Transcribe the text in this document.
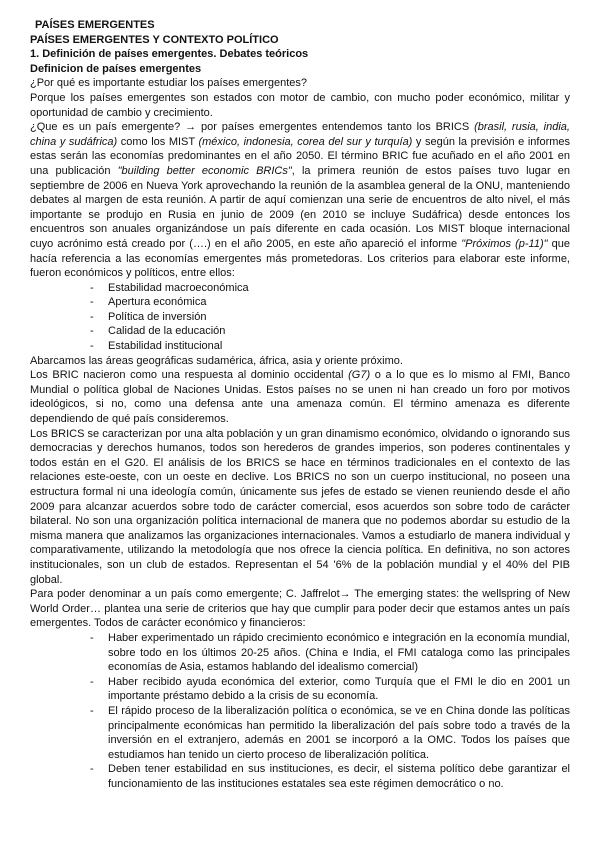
PAÍSES EMERGENTES
PAÍSES EMERGENTES Y CONTEXTO POLÍTICO
1. Definición de países emergentes. Debates teóricos
Definicion de países emergentes

¿Por qué es importante estudiar los países emergentes?

Porque los países emergentes son estados con motor de cambio, con mucho poder económico, militar y oportunidad de cambio y crecimiento.

¿Que es un país emergente? → por países emergentes entendemos tanto los BRICS (brasil, rusia, india, china y sudáfrica) como los MIST (méxico, indonesia, corea del sur y turquía) y según la previsión e informes estas serán las economías predominantes en el año 2050. El término BRIC fue acuñado en el año 2001 en una publicación "building better economic BRICs", la primera reunión de estos países tuvo lugar en septiembre de 2006 en Nueva York aprovechando la reunión de la asamblea general de la ONU, manteniendo debates al margen de esta reunión. A partir de aquí comienzan una serie de encuentros de alto nivel, el más importante se produjo en Rusia en junio de 2009 (en 2010 se incluye Sudáfrica) desde entonces los encuentros son anuales organizándose un país diferente en cada ocasión. Los MIST bloque internacional cuyo acrónimo está creado por (….) en el año 2005, en este año apareció el informe "Próximos (p-11)" que hacía referencia a las economías emergentes más prometedoras. Los criterios para elaborar este informe, fueron económicos y políticos, entre ellos:

- Estabilidad macroeconómica
- Apertura económica
- Política de inversión
- Calidad de la educación
- Estabilidad institucional

Abarcamos las áreas geográficas sudamérica, áfrica, asia y oriente próximo.

Los BRIC nacieron como una respuesta al dominio occidental (G7) o a lo que es lo mismo al FMI, Banco Mundial o política global de Naciones Unidas. Estos países no se unen ni han creado un foro por motivos ideológicos, si no, como una defensa ante una amenaza común. El término amenaza es diferente dependiendo de qué país consideremos.

Los BRICS se caracterizan por una alta población y un gran dinamismo económico, olvidando o ignorando sus democracias y derechos humanos, todos son herederos de grandes imperios, son poderes continentales y todos están en el G20. El análisis de los BRICS se hace en términos tradicionales en el contexto de las relaciones este-oeste, con un oeste en declive. Los BRICS no son un cuerpo institucional, no poseen una estructura formal ni una ideología común, únicamente sus jefes de estado se vienen reuniendo desde el año 2009 para alcanzar acuerdos sobre todo de carácter comercial, esos acuerdos son sobre todo de carácter bilateral. No son una organización política internacional de manera que no podemos abordar su estudio de la misma manera que analizamos las organizaciones internacionales. Vamos a estudiarlo de manera individual y comparativamente, utilizando la metodología que nos ofrece la ciencia política. En definitiva, no son actores institucionales, son un club de estados. Representan el 54 '6% de la población mundial y el 40% del PIB global.

Para poder denominar a un país como emergente; C. Jaffrelot→ The emerging states: the wellspring of New World Order… plantea una serie de criterios que hay que cumplir para poder decir que estamos antes un país emergentes. Todos de carácter económico y financieros:

- Haber experimentado un rápido crecimiento económico e integración en la economía mundial, sobre todo en los últimos 20-25 años. (China e India, el FMI cataloga como las principales economías de Asia, estamos hablando del idealismo comercial)
- Haber recibido ayuda económica del exterior, como Turquía que el FMI le dio en 2001 un importante préstamo debido a la crisis de su economía.
- El rápido proceso de la liberalización política o económica, se ve en China donde las políticas principalmente económicas han permitido la liberalización del país sobre todo a través de la inversión en el extranjero, además en 2001 se incorporó a la OMC. Todos los países que estudiamos han tenido un cierto proceso de liberalización política.
- Deben tener estabilidad en sus instituciones, es decir, el sistema político debe garantizar el funcionamiento de las instituciones estatales sea este régimen democrático o no.
